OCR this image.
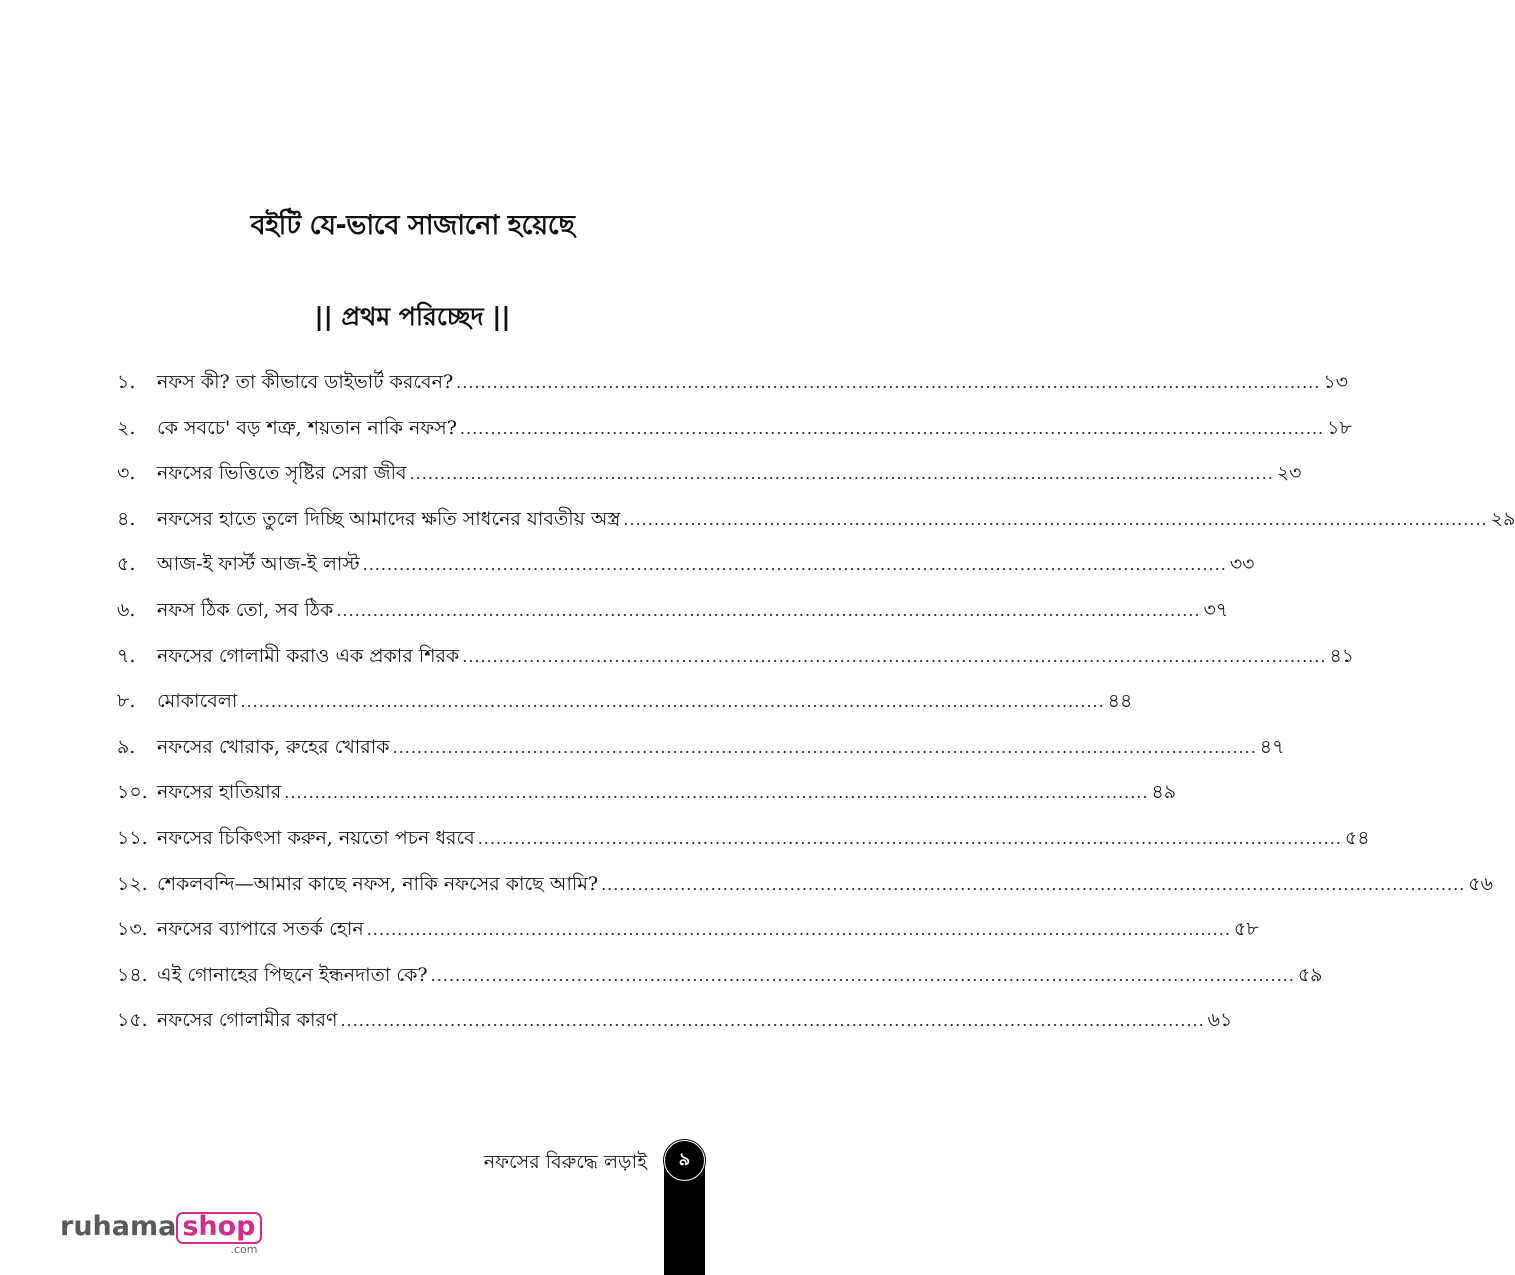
বইটি যে-ভাবে সাজানো হয়েছে
|| প্রথম পরিচ্ছেদ ||
১.	নফস কী? তা কীভাবে ডাইভার্ট করবেন? .....	১৩
২.	কে সবচে' বড় শত্রু, শয়তান নাকি নফস? .....	১৮
৩.	নফসের ভিত্তিতে সৃষ্টির সেরা জীব .....	২৩
৪.	নফসের হাতে তুলে দিচ্ছি আমাদের ক্ষতি সাধনের যাবতীয় অস্ত্র .....	২৯
৫.	আজ-ই ফার্স্ট আজ-ই লাস্ট .....	৩৩
৬.	নফস ঠিক তো, সব ঠিক .....	৩৭
৭.	নফসের গোলামী করাও এক প্রকার শিরক .....	৪১
৮.	মোকাবেলা .....	৪৪
৯.	নফসের খোরাক, রুহের খোরাক .....	৪৭
১০. নফসের হাতিয়ার .....	৪৯
১১. নফসের চিকিৎসা করুন, নয়তো পচন ধরবে .....	৫৪
১২. শেকলবন্দি—আমার কাছে নফস, নাকি নফসের কাছে আমি? .....	৫৬
১৩. নফসের ব্যাপারে সতর্ক হোন .....	৫৮
১৪. এই গোনাহের পিছনে ইন্ধনদাতা কে? .....	৫৯
১৫. নফসের গোলামীর কারণ .....	৬১
নফসের বিরুদ্ধে লড়াই	৯
ruhama shop
.com
